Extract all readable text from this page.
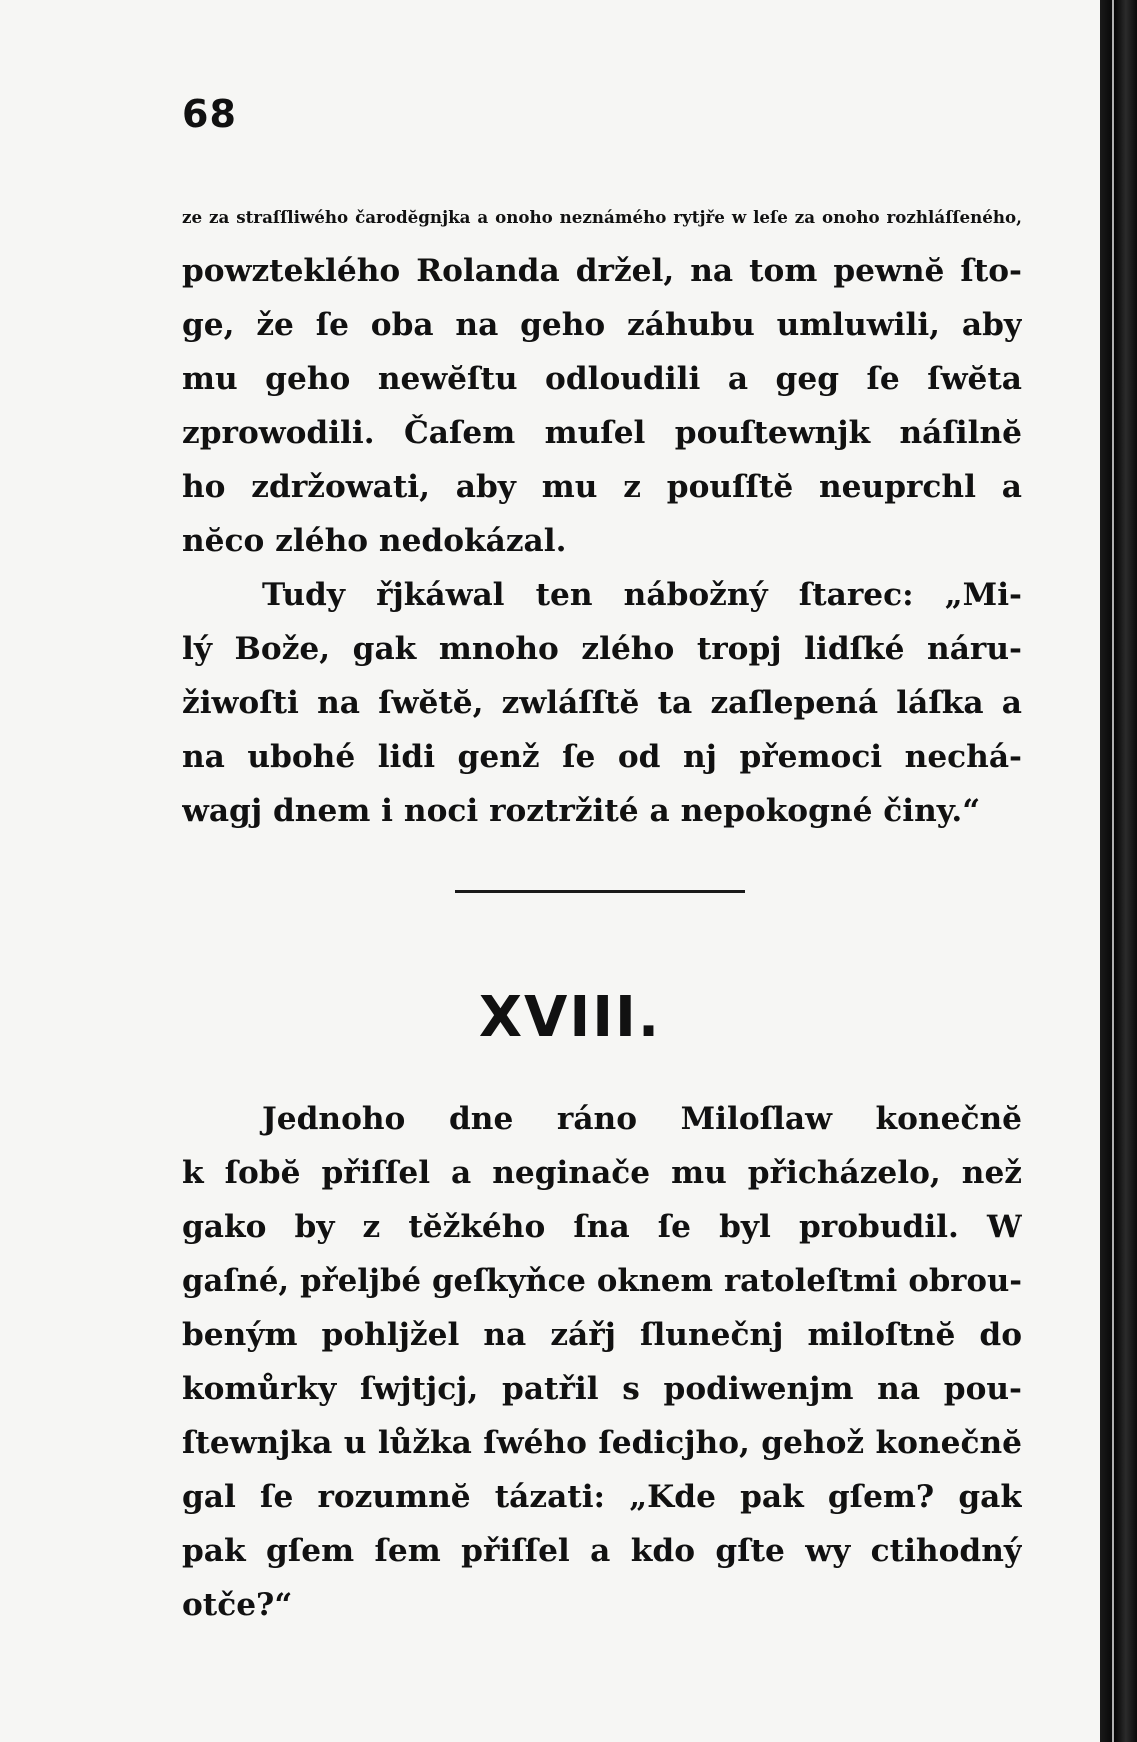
68
ze za straſſliwého čarodĕgnjka a onoho neznámého rytjře w leſe za onoho rozhláſſeného,
powzteklého Rolanda držel, na tom pewnĕ ſto-
ge, že ſe oba na geho záhubu umluwili, aby
mu geho newĕſtu odloudili a geg ſe ſwĕta
zprowodili. Čaſem muſel pouſtewnjk náſilnĕ
ho zdržowati, aby mu z pouſſtĕ neuprchl a
nĕco zlého nedokázal.
Tudy řjkáwal ten nábožný ſtarec: „Mi-
lý Bože, gak mnoho zlého tropj lidſké náru-
žiwoſti na ſwĕtĕ, zwláſſtĕ ta zaſlepená láſka a
na ubohé lidi genž ſe od nj přemoci nechá-
wagj dnem i noci roztržité a nepokogné činy.“
XVIII.
Jednoho dne ráno Miloſlaw konečnĕ
k ſobĕ přiſſel a neginače mu přicházelo, než
gako by z tĕžkého ſna ſe byl probudil. W
gaſné, přeljbé geſkyňce oknem ratoleſtmi obrou-
beným pohljžel na zářj ſlunečnj miloſtnĕ do
komůrky ſwjtjcj, patřil s podiwenjm na pou-
ſtewnjka u lůžka ſwého ſedicjho, gehož konečnĕ
gal ſe rozumnĕ tázati: „Kde pak gſem? gak
pak gſem ſem přiſſel a kdo gſte wy ctihodný
otče?“
